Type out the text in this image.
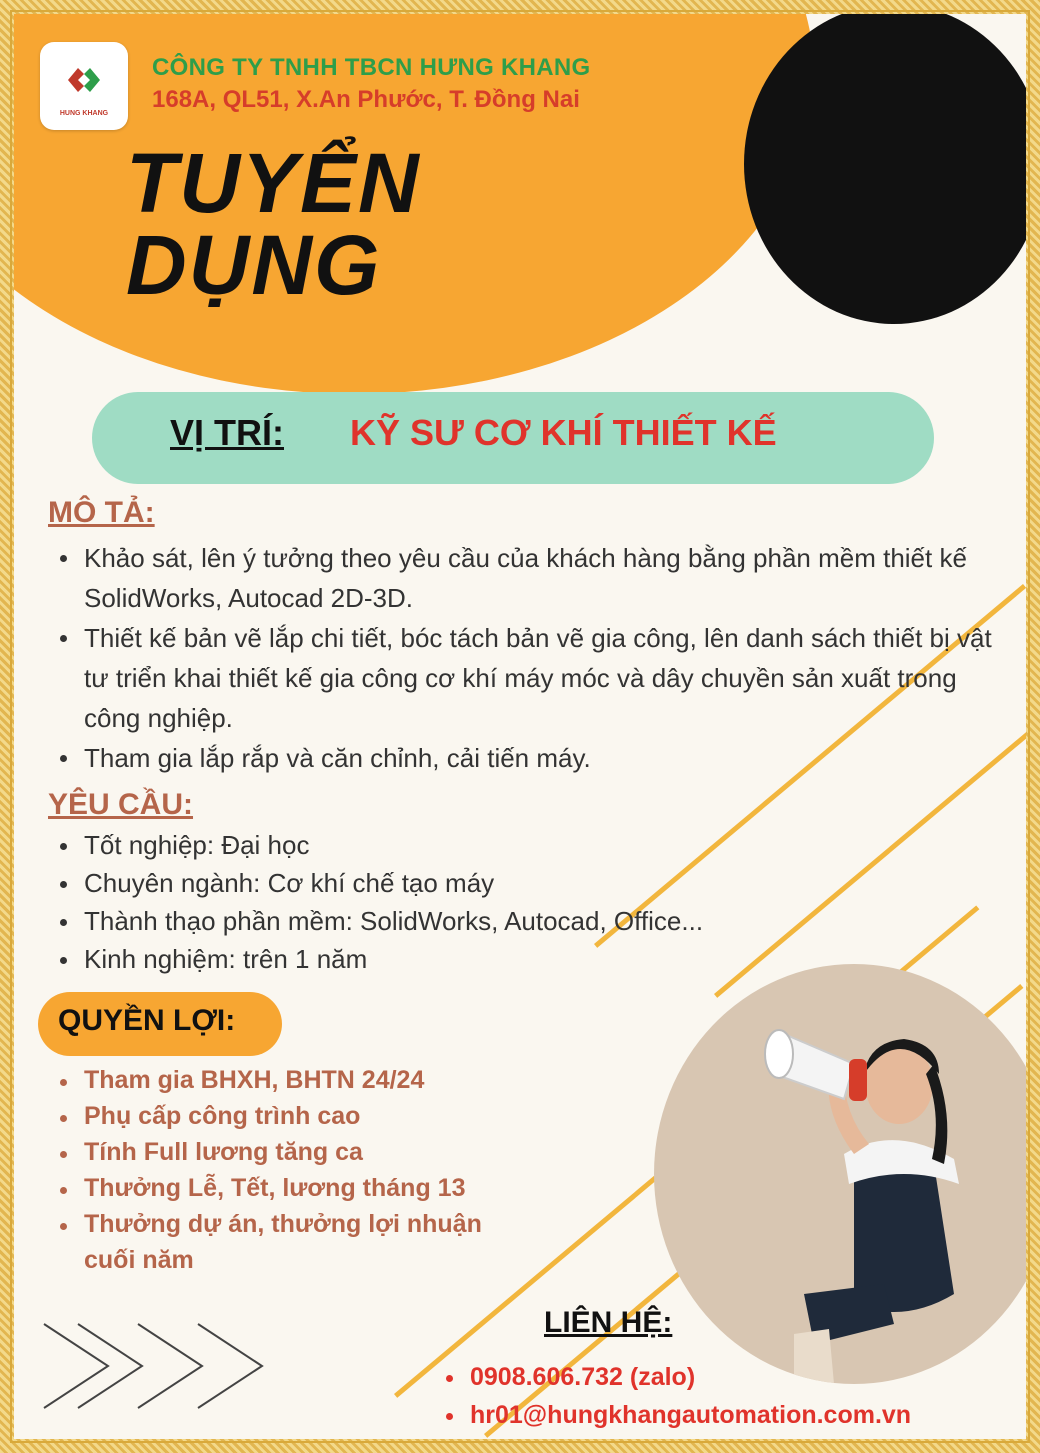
HUNG KHANG
CÔNG TY TNHH TBCN HƯNG KHANG
168A, QL51, X.An Phước, T. Đồng Nai
TUYỂN
DỤNG
VỊ TRÍ: KỸ SƯ CƠ KHÍ THIẾT KẾ
MÔ TẢ:
Khảo sát, lên ý tưởng theo yêu cầu của khách hàng bằng phần mềm thiết kế SolidWorks, Autocad 2D-3D.
Thiết kế bản vẽ lắp chi tiết, bóc tách bản vẽ gia công, lên danh sách thiết bị vật tư triển khai thiết kế gia công cơ khí máy móc và dây chuyền sản xuất trong công nghiệp.
Tham gia lắp rắp và căn chỉnh, cải tiến máy.
YÊU CẦU:
Tốt nghiệp: Đại học
Chuyên ngành: Cơ khí chế tạo máy
Thành thạo phần mềm: SolidWorks, Autocad, Office...
Kinh nghiệm: trên 1 năm
QUYỀN LỢI:
Tham gia BHXH, BHTN 24/24
Phụ cấp công trình cao
Tính Full lương tăng ca
Thưởng Lễ, Tết, lương tháng 13
Thưởng dự án, thưởng lợi nhuận cuối năm
LIÊN HỆ:
0908.606.732 (zalo)
hr01@hungkhangautomation.com.vn
